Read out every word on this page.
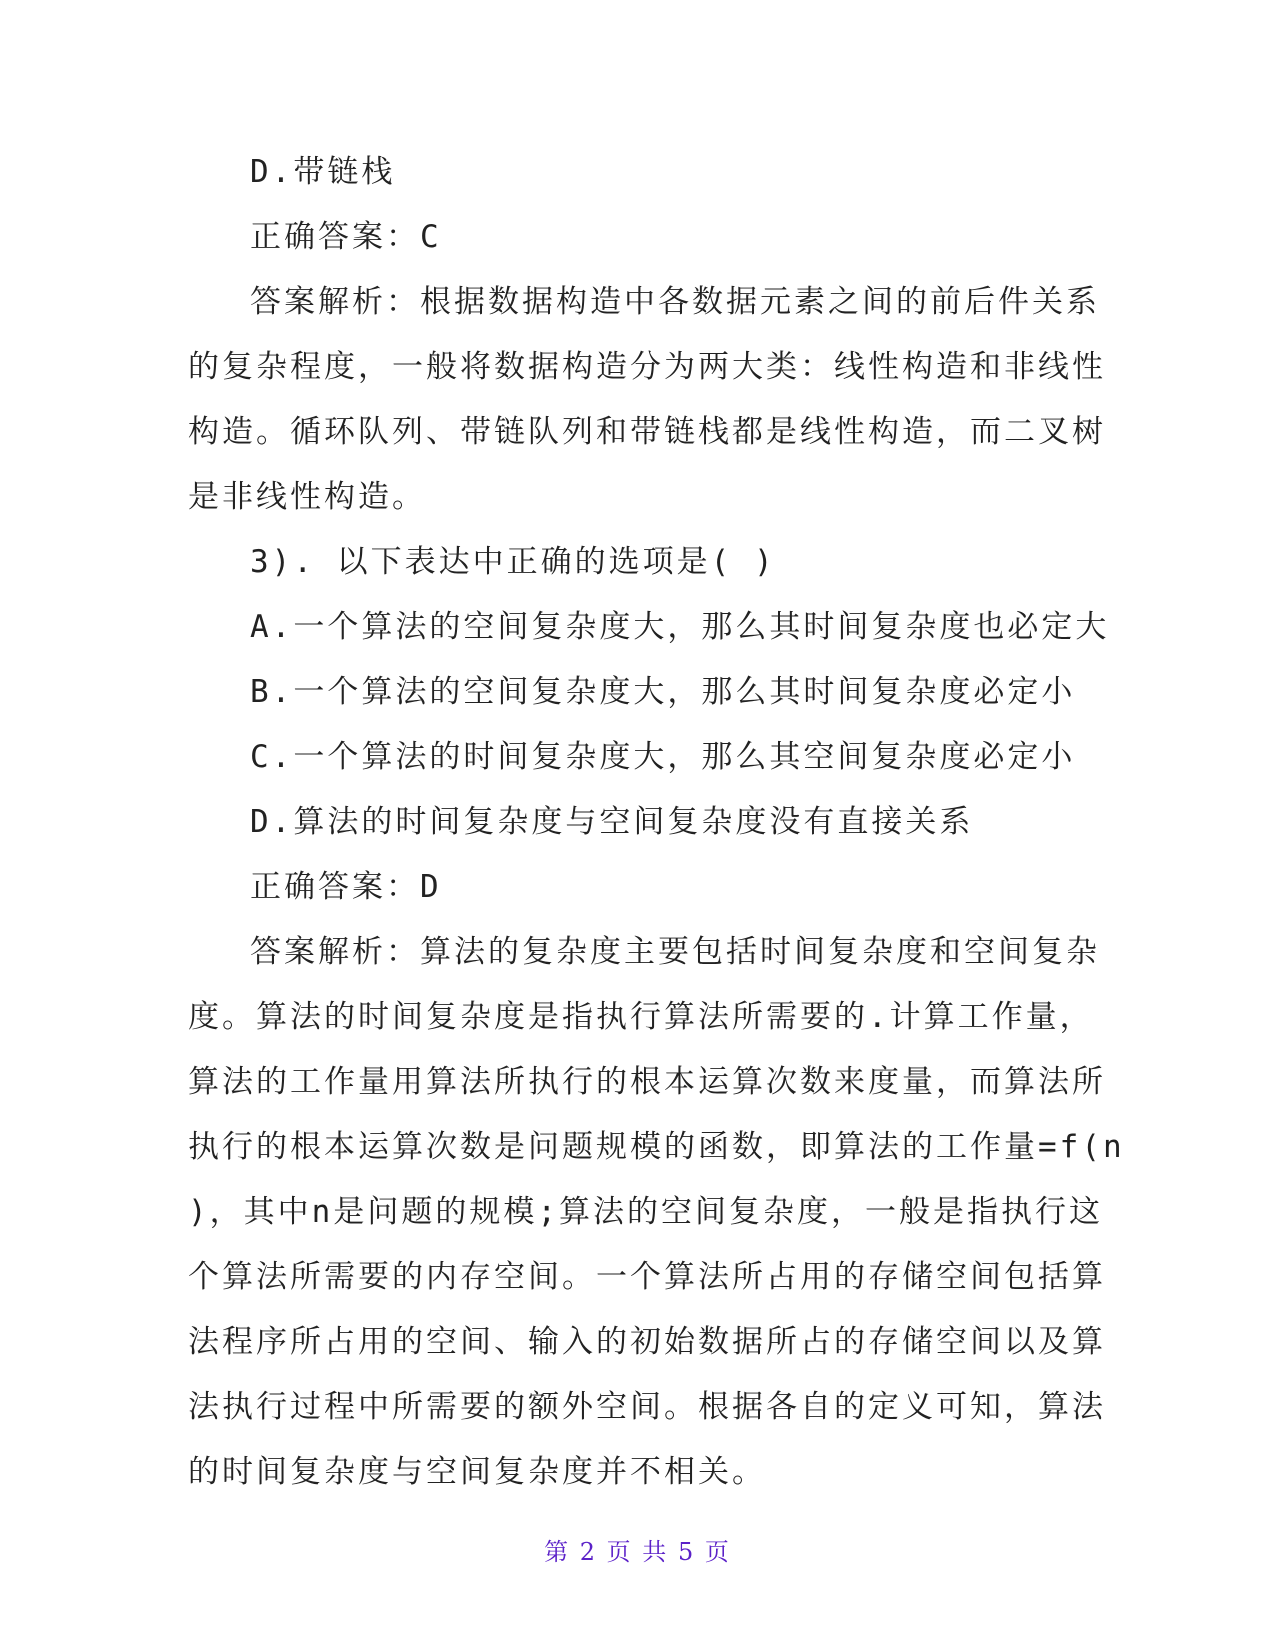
D.带链栈
正确答案：C
答案解析：根据数据构造中各数据元素之间的前后件关系
的复杂程度，一般将数据构造分为两大类：线性构造和非线性
构造。循环队列、带链队列和带链栈都是线性构造，而二叉树
是非线性构造。
3). 以下表达中正确的选项是( )
A.一个算法的空间复杂度大，那么其时间复杂度也必定大
B.一个算法的空间复杂度大，那么其时间复杂度必定小
C.一个算法的时间复杂度大，那么其空间复杂度必定小
D.算法的时间复杂度与空间复杂度没有直接关系
正确答案：D
答案解析：算法的复杂度主要包括时间复杂度和空间复杂
度。算法的时间复杂度是指执行算法所需要的.计算工作量，
算法的工作量用算法所执行的根本运算次数来度量，而算法所
执行的根本运算次数是问题规模的函数，即算法的工作量=f(n
)，其中n是问题的规模;算法的空间复杂度，一般是指执行这
个算法所需要的内存空间。一个算法所占用的存储空间包括算
法程序所占用的空间、输入的初始数据所占的存储空间以及算
法执行过程中所需要的额外空间。根据各自的定义可知，算法
的时间复杂度与空间复杂度并不相关。
第 2 页 共 5 页
